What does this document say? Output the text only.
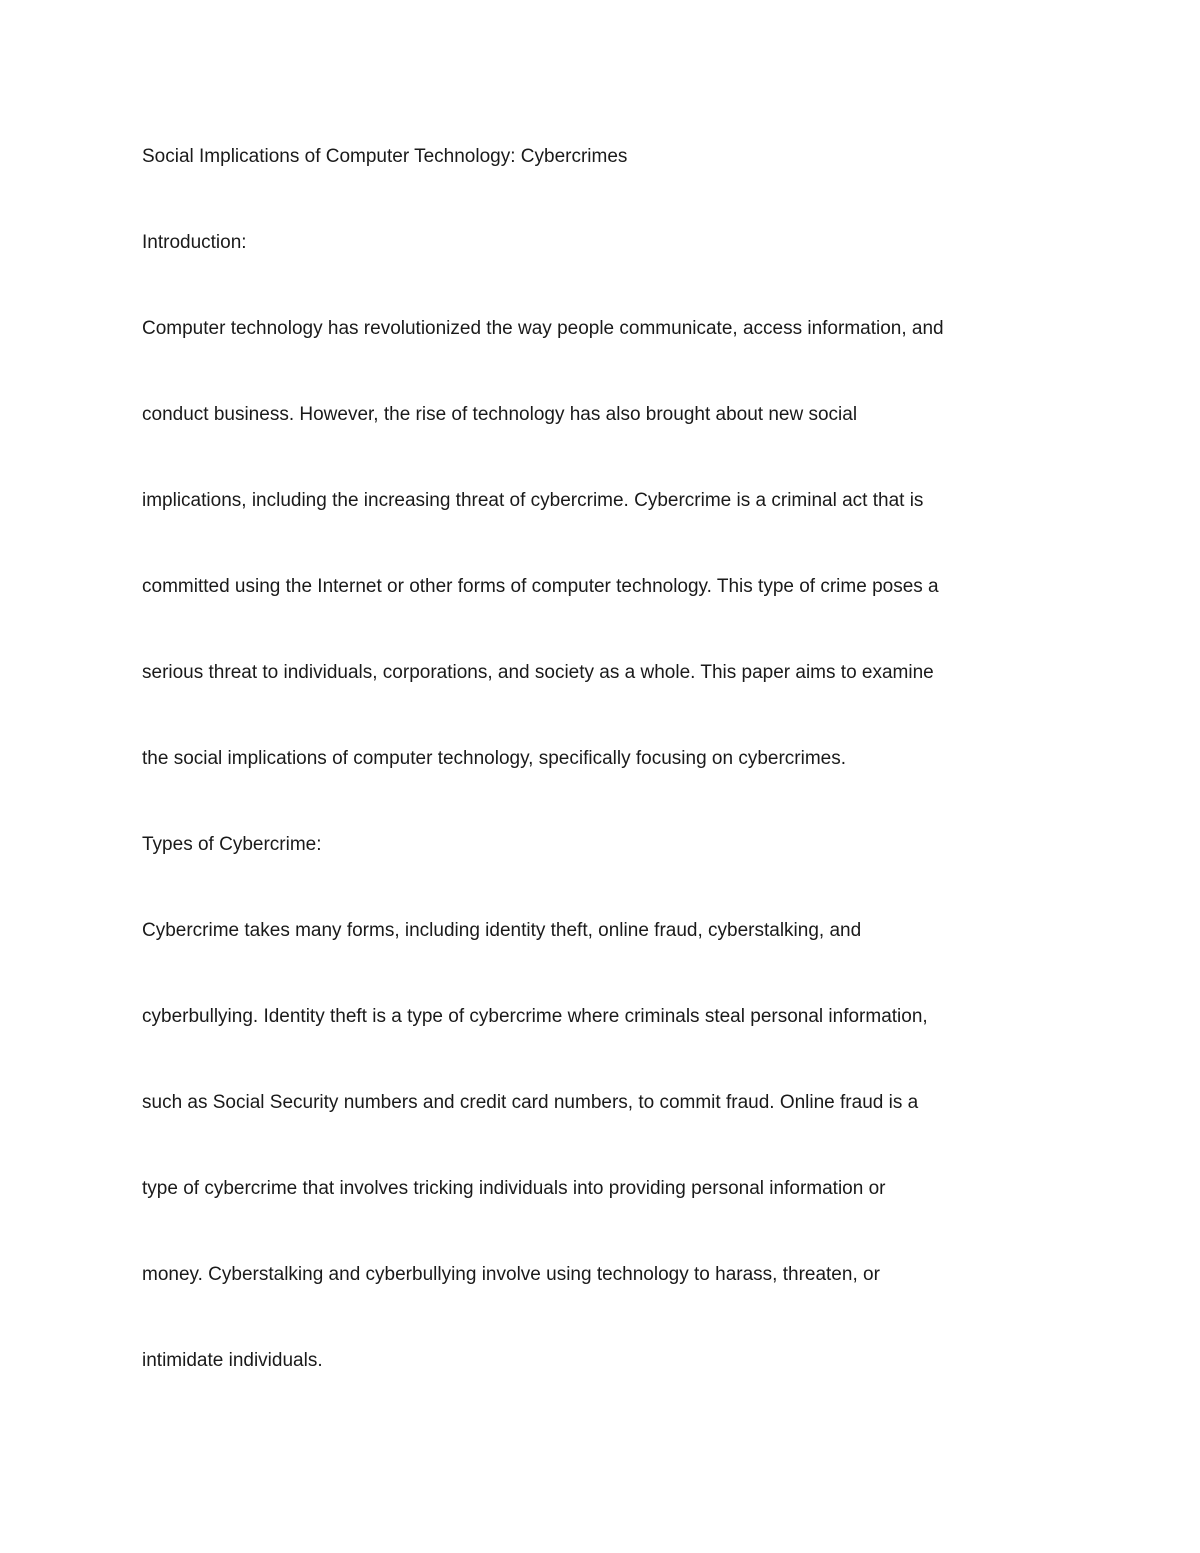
Social Implications of Computer Technology: Cybercrimes

Introduction:

Computer technology has revolutionized the way people communicate, access information, and

conduct business. However, the rise of technology has also brought about new social

implications, including the increasing threat of cybercrime. Cybercrime is a criminal act that is

committed using the Internet or other forms of computer technology. This type of crime poses a

serious threat to individuals, corporations, and society as a whole. This paper aims to examine

the social implications of computer technology, specifically focusing on cybercrimes.

Types of Cybercrime:

Cybercrime takes many forms, including identity theft, online fraud, cyberstalking, and

cyberbullying. Identity theft is a type of cybercrime where criminals steal personal information,

such as Social Security numbers and credit card numbers, to commit fraud. Online fraud is a

type of cybercrime that involves tricking individuals into providing personal information or

money. Cyberstalking and cyberbullying involve using technology to harass, threaten, or

intimidate individuals.
